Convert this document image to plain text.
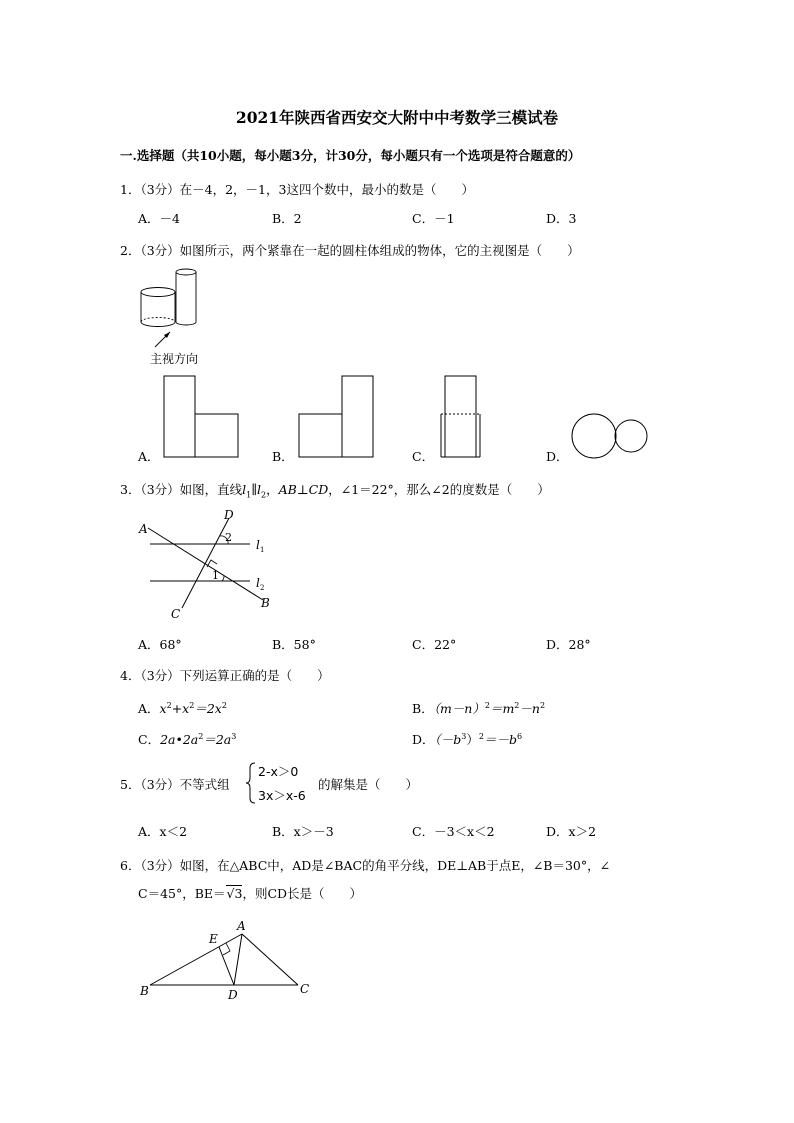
2021年陕西省西安交大附中中考数学三模试卷
一.选择题（共10小题，每小题3分，计30分，每小题只有一个选项是符合题意的）
1．（3分）在－4，2，－1，3这四个数中，最小的数是（　　）
A．－4	B．2	C．－1	D．3
2．（3分）如图所示，两个紧靠在一起的圆柱体组成的物体，它的主视图是（　　）
主视方向
A．	B．	C．	D．
3．（3分）如图，直线$l_1\parallel l_2$，AB⊥CD，∠1＝22°，那么∠2的度数是（　　）
A
D
2
1
l 1
l 2
B
C
A．68°	B．58°	C．22°	D．28°
4．（3分）下列运算正确的是（　　）
A．$x^2+x^2=2x^2$	B．$(m-n)^2=m^2-n^2$
C．$2a•2a^2=2a^3$	D．$(-b^3)^2=-b^6$
5．（3分）不等式组
2-x＞0
3x＞x-6
的解集是（　　）
A．x＜2	B．x＞－3	C．－3＜x＜2	D．x＞2
6．（3分）如图，在△ABC中，AD是∠BAC的角平分线，DE⊥AB于点E，∠B＝30°，∠
C＝45°，BE＝√3，则CD长是（　　）
A
E
B	D	C
